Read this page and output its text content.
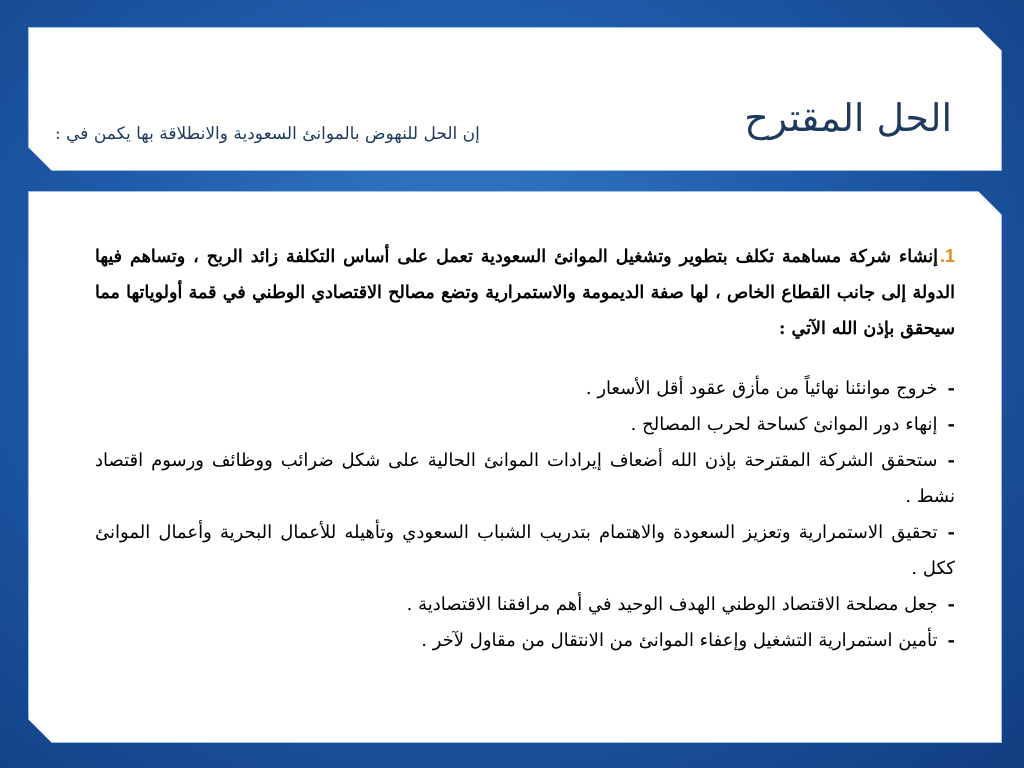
الحل المقترح
إن الحل للنهوض بالموانئ السعودية والانطلاقة بها يكمن في :

1.إنشاء شركة مساهمة تكلف بتطوير وتشغيل الموانئ السعودية تعمل على أساس التكلفة زائد الربح ، وتساهم فيها الدولة إلى جانب القطاع الخاص ، لها صفة الديمومة والاستمرارية وتضع مصالح الاقتصادي الوطني في قمة أولوياتها مما سيحقق بإذن الله الآتي :

-خروج موانئنا نهائياً من مأزق عقود أقل الأسعار .

-إنهاء دور الموانئ كساحة لحرب المصالح .

-ستحقق الشركة المقترحة بإذن الله أضعاف إيرادات الموانئ الحالية على شكل ضرائب ووظائف ورسوم اقتصاد نشط .

-تحقيق الاستمرارية وتعزيز السعودة والاهتمام بتدريب الشباب السعودي وتأهيله للأعمال البحرية وأعمال الموانئ ككل .

-جعل مصلحة الاقتصاد الوطني الهدف الوحيد في أهم مرافقنا الاقتصادية .

-تأمين استمرارية التشغيل وإعفاء الموانئ من الانتقال من مقاول لآخر .
